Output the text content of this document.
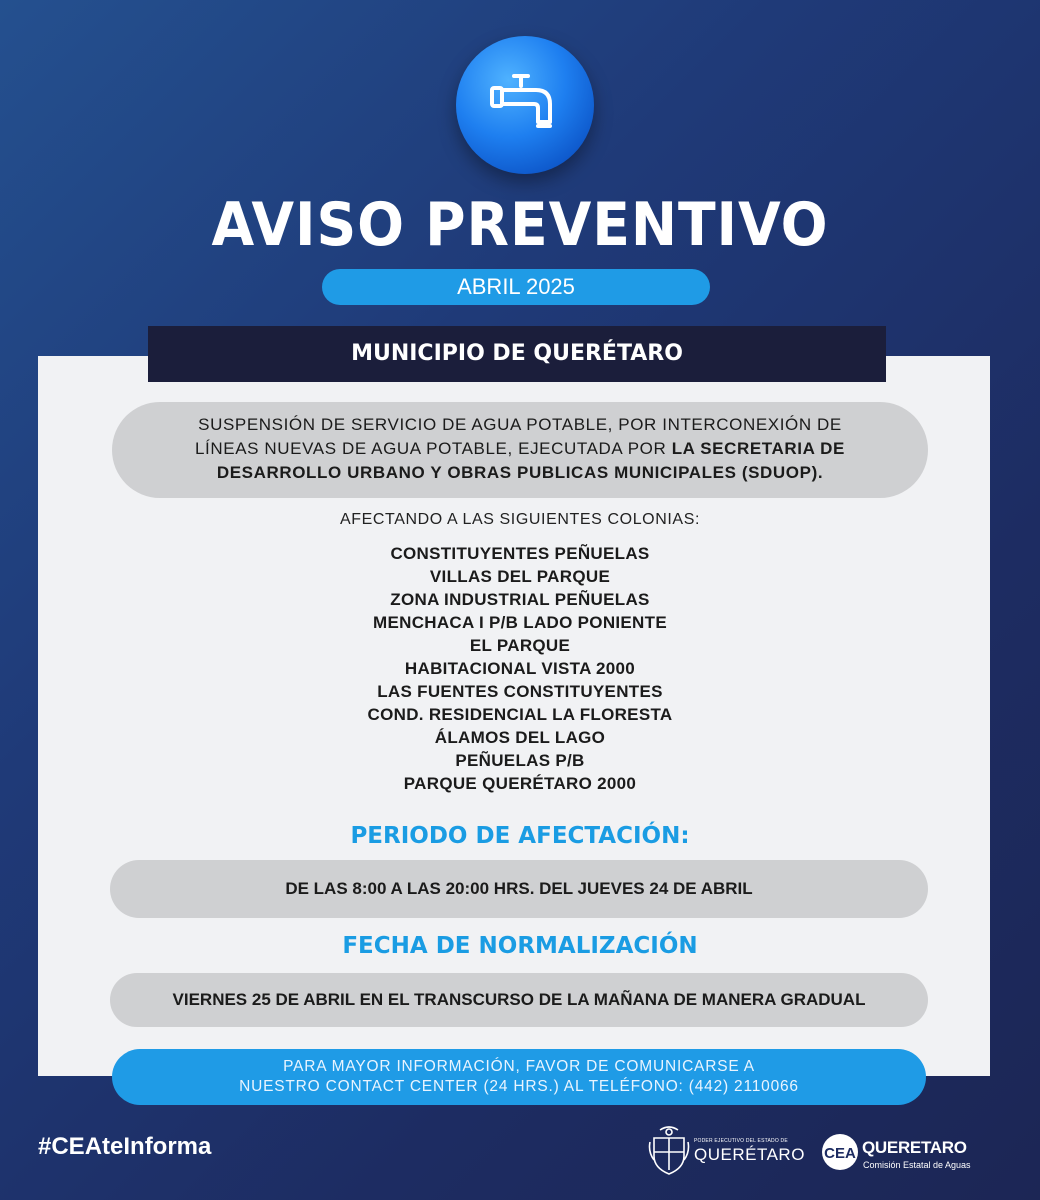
AVISO PREVENTIVO
ABRIL 2025
MUNICIPIO DE QUERÉTARO
SUSPENSIÓN DE SERVICIO DE AGUA POTABLE, POR INTERCONEXIÓN DE
LÍNEAS NUEVAS DE AGUA POTABLE, EJECUTADA POR LA SECRETARIA DE
DESARROLLO URBANO Y OBRAS PUBLICAS MUNICIPALES (SDUOP).
AFECTANDO A LAS SIGUIENTES COLONIAS:
CONSTITUYENTES PEÑUELAS
VILLAS DEL PARQUE
ZONA INDUSTRIAL PEÑUELAS
MENCHACA I P/B LADO PONIENTE
EL PARQUE
HABITACIONAL VISTA 2000
LAS FUENTES CONSTITUYENTES
COND. RESIDENCIAL LA FLORESTA
ÁLAMOS DEL LAGO
PEÑUELAS P/B
PARQUE QUERÉTARO 2000
PERIODO DE AFECTACIÓN:
DE LAS 8:00 A LAS 20:00 HRS. DEL JUEVES 24 DE ABRIL
FECHA DE NORMALIZACIÓN
VIERNES 25 DE ABRIL EN EL TRANSCURSO DE LA MAÑANA DE MANERA GRADUAL
PARA MAYOR INFORMACIÓN, FAVOR DE COMUNICARSE A
NUESTRO CONTACT CENTER (24 HRS.) AL TELÉFONO: (442) 2110066
#CEAteInforma	PODER EJECUTIVO DEL ESTADO DE
QUERÉTARO CEA QUERETARO
Comisión Estatal de Aguas
